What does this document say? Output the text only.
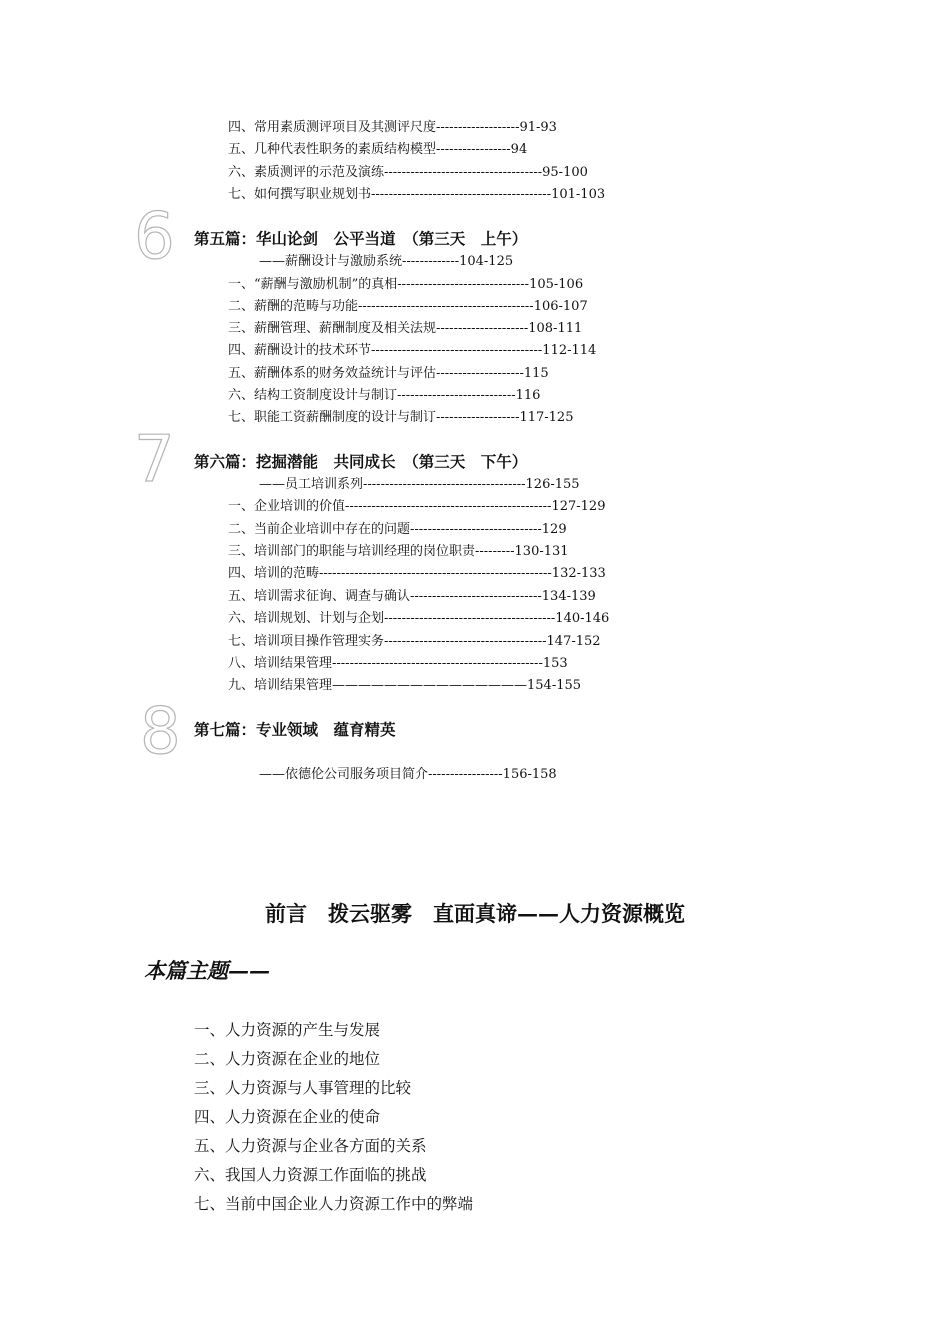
四、常用素质测评项目及其测评尺度-------------------91-93
五、几种代表性职务的素质结构模型-----------------94
六、素质测评的示范及演练------------------------------------95-100
七、如何撰写职业规划书-----------------------------------------101-103
6 第五篇：华山论剑　公平当道　（第三天　上午）
——薪酬设计与激励系统-------------104-125
一、“薪酬与激励机制”的真相------------------------------105-106
二、薪酬的范畴与功能----------------------------------------106-107
三、薪酬管理、薪酬制度及相关法规---------------------108-111
四、薪酬设计的技术环节---------------------------------------112-114
五、薪酬体系的财务效益统计与评估--------------------115
六、结构工资制度设计与制订---------------------------116
七、职能工资薪酬制度的设计与制订-------------------117-125
7 第六篇：挖掘潜能　共同成长　（第三天　下午）
——员工培训系列-------------------------------------126-155
一、企业培训的价值-----------------------------------------------127-129
二、当前企业培训中存在的问题------------------------------129
三、培训部门的职能与培训经理的岗位职责---------130-131
四、培训的范畴-----------------------------------------------------132-133
五、培训需求征询、调查与确认------------------------------134-139
六、培训规划、计划与企划---------------------------------------140-146
七、培训项目操作管理实务-------------------------------------147-152
八、培训结果管理------------------------------------------------153
九、培训结果管理———————————————154-155
8 第七篇：专业领域　蕴育精英
——依德伦公司服务项目简介-----------------156-158
前言　拨云驱雾　直面真谛——人力资源概览
本篇主题——
一、人力资源的产生与发展
二、人力资源在企业的地位
三、人力资源与人事管理的比较
四、人力资源在企业的使命
五、人力资源与企业各方面的关系
六、我国人力资源工作面临的挑战
七、当前中国企业人力资源工作中的弊端
